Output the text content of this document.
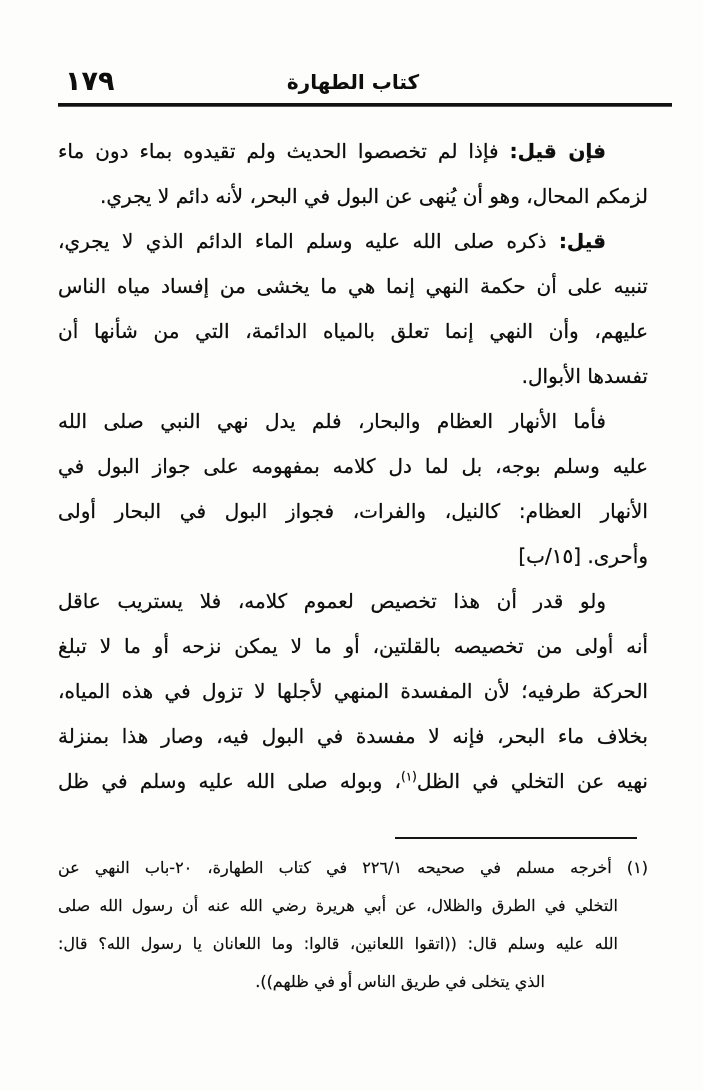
١٧٩	كتاب الطهارة
فإن قيل: فإذا لم تخصصوا الحديث ولم تقيدوه بماء دون ماء
لزمكم المحال، وهو أن يُنهى عن البول في البحر، لأنه دائم لا يجري.
قيل: ذكره صلى الله عليه وسلم الماء الدائم الذي لا يجري،
تنبيه على أن حكمة النهي إنما هي ما يخشى من إفساد مياه الناس
عليهم، وأن النهي إنما تعلق بالمياه الدائمة، التي من شأنها أن
تفسدها الأبوال.
فأما الأنهار العظام والبحار، فلم يدل نهي النبي صلى الله
عليه وسلم بوجه، بل لما دل كلامه بمفهومه على جواز البول في
الأنهار العظام: كالنيل، والفرات، فجواز البول في البحار أولى
وأحرى. [١٥/ب]
ولو قدر أن هذا تخصيص لعموم كلامه، فلا يستريب عاقل
أنه أولى من تخصيصه بالقلتين، أو ما لا يمكن نزحه أو ما لا تبلغ
الحركة طرفيه؛ لأن المفسدة المنهي لأجلها لا تزول في هذه المياه،
بخلاف ماء البحر، فإنه لا مفسدة في البول فيه، وصار هذا بمنزلة
نهيه عن التخلي في الظل$^{(١)}$، وبوله صلى الله عليه وسلم في ظل
(١) أخرجه مسلم في صحيحه ٢٢٦/١ في كتاب الطهارة، ٢٠-باب النهي عن
التخلي في الطرق والظلال، عن أبي هريرة رضي الله عنه أن رسول الله صلى
الله عليه وسلم قال: ((اتقوا اللعانين، قالوا: وما اللعانان يا رسول الله؟ قال:
الذي يتخلى في طريق الناس أو في ظلهم)).
